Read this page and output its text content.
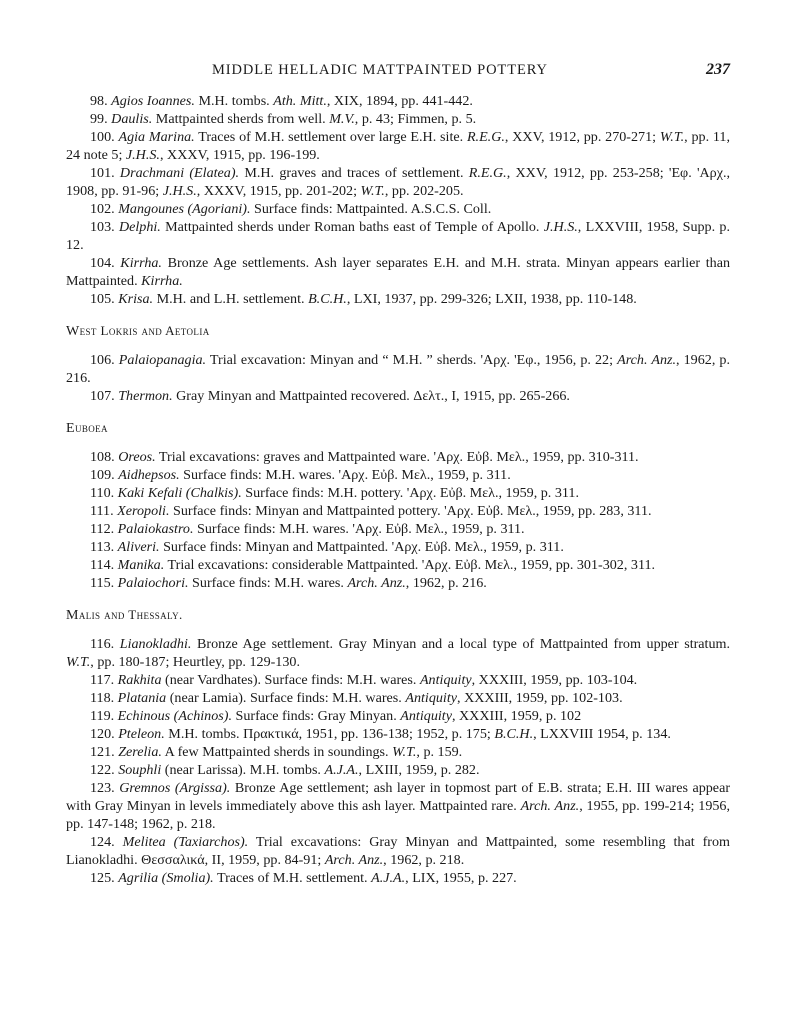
MIDDLE HELLADIC MATTPAINTED POTTERY	237

98. Agios Ioannes. M.H. tombs. Ath. Mitt., XIX, 1894, pp. 441-442.

99. Daulis. Mattpainted sherds from well. M.V., p. 43; Fimmen, p. 5.

100. Agia Marina. Traces of M.H. settlement over large E.H. site. R.E.G., XXV, 1912, pp. 270-271; W.T., pp. 11, 24 note 5; J.H.S., XXXV, 1915, pp. 196-199.

101. Drachmani (Elatea). M.H. graves and traces of settlement. R.E.G., XXV, 1912, pp. 253-258; 'Εφ. 'Αρχ., 1908, pp. 91-96; J.H.S., XXXV, 1915, pp. 201-202; W.T., pp. 202-205.

102. Mangounes (Agoriani). Surface finds: Mattpainted. A.S.C.S. Coll.

103. Delphi. Mattpainted sherds under Roman baths east of Temple of Apollo. J.H.S., LXXVIII, 1958, Supp. p. 12.

104. Kirrha. Bronze Age settlements. Ash layer separates E.H. and M.H. strata. Minyan appears earlier than Mattpainted. Kirrha.

105. Krisa. M.H. and L.H. settlement. B.C.H., LXI, 1937, pp. 299-326; LXII, 1938, pp. 110-148.

West Lokris and Aetolia

106. Palaiopanagia. Trial excavation: Minyan and “ M.H. ” sherds. 'Αρχ. 'Εφ., 1956, p. 22; Arch. Anz., 1962, p. 216.

107. Thermon. Gray Minyan and Mattpainted recovered. Δελτ., I, 1915, pp. 265-266.

Euboea

108. Oreos. Trial excavations: graves and Mattpainted ware. 'Αρχ. Εὐβ. Μελ., 1959, pp. 310-311.

109. Aidhepsos. Surface finds: M.H. wares. 'Αρχ. Εὐβ. Μελ., 1959, p. 311.

110. Kaki Kefali (Chalkis). Surface finds: M.H. pottery. 'Αρχ. Εὐβ. Μελ., 1959, p. 311.

111. Xeropoli. Surface finds: Minyan and Mattpainted pottery. 'Αρχ. Εὐβ. Μελ., 1959, pp. 283, 311.

112. Palaiokastro. Surface finds: M.H. wares. 'Αρχ. Εὐβ. Μελ., 1959, p. 311.

113. Aliveri. Surface finds: Minyan and Mattpainted. 'Αρχ. Εὐβ. Μελ., 1959, p. 311.

114. Manika. Trial excavations: considerable Mattpainted. 'Αρχ. Εὐβ. Μελ., 1959, pp. 301-302, 311.

115. Palaiochori. Surface finds: M.H. wares. Arch. Anz., 1962, p. 216.

Malis and Thessaly.

116. Lianokladhi. Bronze Age settlement. Gray Minyan and a local type of Mattpainted from upper stratum. W.T., pp. 180-187; Heurtley, pp. 129-130.

117. Rakhita (near Vardhates). Surface finds: M.H. wares. Antiquity, XXXIII, 1959, pp. 103-104.

118. Platania (near Lamia). Surface finds: M.H. wares. Antiquity, XXXIII, 1959, pp. 102-103.

119. Echinous (Achinos). Surface finds: Gray Minyan. Antiquity, XXXIII, 1959, p. 102

120. Pteleon. M.H. tombs. Πρακτικά, 1951, pp. 136-138; 1952, p. 175; B.C.H., LXXVIII 1954, p. 134.

121. Zerelia. A few Mattpainted sherds in soundings. W.T., p. 159.

122. Souphli (near Larissa). M.H. tombs. A.J.A., LXIII, 1959, p. 282.

123. Gremnos (Argissa). Bronze Age settlement; ash layer in topmost part of E.B. strata; E.H. III wares appear with Gray Minyan in levels immediately above this ash layer. Mattpainted rare. Arch. Anz., 1955, pp. 199-214; 1956, pp. 147-148; 1962, p. 218.

124. Melitea (Taxiarchos). Trial excavations: Gray Minyan and Mattpainted, some resembling that from Lianokladhi. Θεσσαλικά, II, 1959, pp. 84-91; Arch. Anz., 1962, p. 218.

125. Agrilia (Smolia). Traces of M.H. settlement. A.J.A., LIX, 1955, p. 227.
